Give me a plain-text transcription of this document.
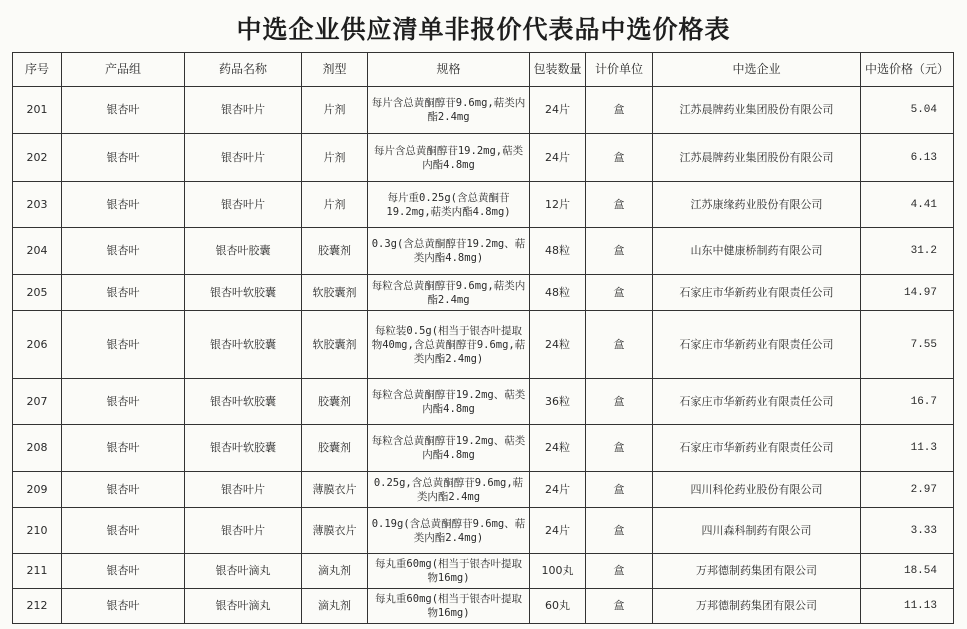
中选企业供应清单非报价代表品中选价格表
序号	产品组	药品名称	剂型	规格	包装数量	计价单位	中选企业	中选价格（元）
201	银杏叶	银杏叶片	片剂	每片含总黄酮醇苷9.6mg,萜类内酯2.4mg	24片	盒	江苏晨牌药业集团股份有限公司	5.04
202	银杏叶	银杏叶片	片剂	每片含总黄酮醇苷19.2mg,萜类内酯4.8mg	24片	盒	江苏晨牌药业集团股份有限公司	6.13
203	银杏叶	银杏叶片	片剂	每片重0.25g(含总黄酮苷19.2mg,萜类内酯4.8mg)	12片	盒	江苏康缘药业股份有限公司	4.41
204	银杏叶	银杏叶胶囊	胶囊剂	0.3g(含总黄酮醇苷19.2mg、萜类内酯4.8mg)	48粒	盒	山东中健康桥制药有限公司	31.2
205	银杏叶	银杏叶软胶囊	软胶囊剂	每粒含总黄酮醇苷9.6mg,萜类内酯2.4mg	48粒	盒	石家庄市华新药业有限责任公司	14.97
206	银杏叶	银杏叶软胶囊	软胶囊剂	每粒装0.5g(相当于银杏叶提取物40mg,含总黄酮醇苷9.6mg,萜类内酯2.4mg)	24粒	盒	石家庄市华新药业有限责任公司	7.55
207	银杏叶	银杏叶软胶囊	胶囊剂	每粒含总黄酮醇苷19.2mg、萜类内酯4.8mg	36粒	盒	石家庄市华新药业有限责任公司	16.7
208	银杏叶	银杏叶软胶囊	胶囊剂	每粒含总黄酮醇苷19.2mg、萜类内酯4.8mg	24粒	盒	石家庄市华新药业有限责任公司	11.3
209	银杏叶	银杏叶片	薄膜衣片	0.25g,含总黄酮醇苷9.6mg,萜类内酯2.4mg	24片	盒	四川科伦药业股份有限公司	2.97
210	银杏叶	银杏叶片	薄膜衣片	0.19g(含总黄酮醇苷9.6mg、萜类内酯2.4mg)	24片	盒	四川森科制药有限公司	3.33
211	银杏叶	银杏叶滴丸	滴丸剂	每丸重60mg(相当于银杏叶提取物16mg)	100丸	盒	万邦德制药集团有限公司	18.54
212	银杏叶	银杏叶滴丸	滴丸剂	每丸重60mg(相当于银杏叶提取物16mg)	60丸	盒	万邦德制药集团有限公司	11.13
